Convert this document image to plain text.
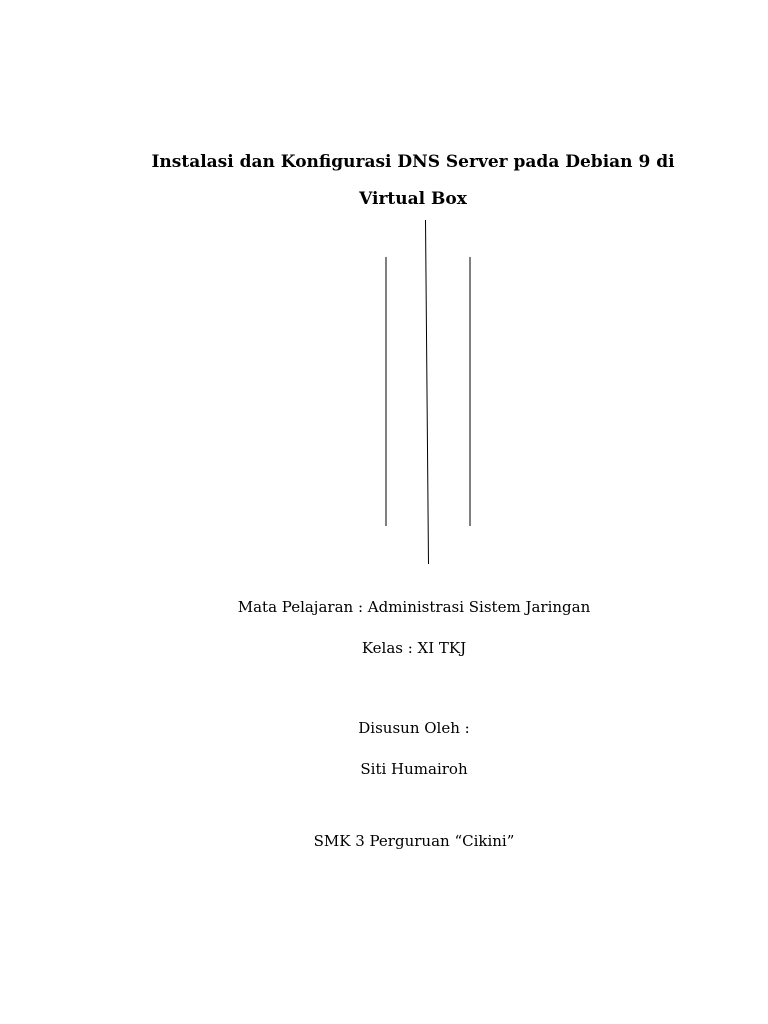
Instalasi dan Konfigurasi DNS Server pada Debian 9 di
Virtual Box

Mata Pelajaran : Administrasi Sistem Jaringan

Kelas : XI TKJ

Disusun Oleh :

Siti Humairoh

SMK 3 Perguruan “Cikini”
